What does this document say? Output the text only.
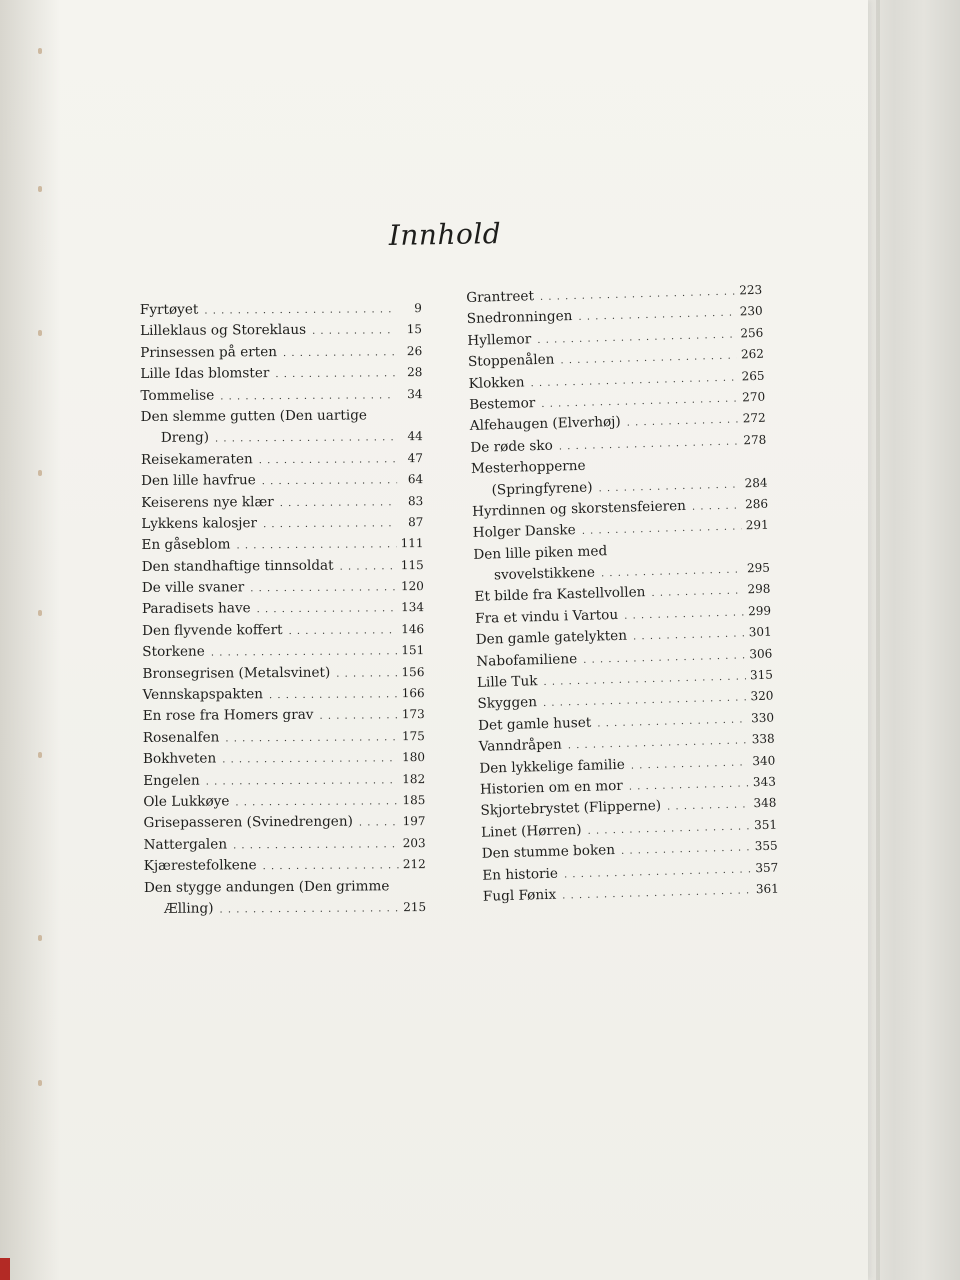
Innhold
Fyrtøyet . . .	9
Lilleklaus og Storeklaus . . .	15
Prinsessen på erten . . .	26
Lille Idas blomster . . .	28
Tommelise . . .	34
Den slemme gutten (Den uartige
Dreng) . . .	44
Reisekameraten . . .	47
Den lille havfrue . . .	64
Keiserens nye klær . . .	83
Lykkens kalosjer . . .	87
En gåseblom . . .	111
Den standhaftige tinnsoldat . . .	115
De ville svaner . . .	120
Paradisets have . . .	134
Den flyvende koffert . . .	146
Storkene . . .	151
Bronsegrisen (Metalsvinet) . . .	156
Vennskapspakten . . .	166
En rose fra Homers grav . . .	173
Rosenalfen . . .	175
Bokhveten . . .	180
Engelen . . .	182
Ole Lukkøye . . .	185
Grisepasseren (Svinedrengen) . . .	197
Nattergalen . . .	203
Kjærestefolkene . . .	212
Den stygge andungen (Den grimme
Ælling) . . .	215
Grantreet . . .	223
Snedronningen . . .	230
Hyllemor . . .	256
Stoppenålen . . .	262
Klokken . . .	265
Bestemor . . .	270
Alfehaugen (Elverhøj) . . .	272
De røde sko . . .	278
Mesterhopperne
(Springfyrene) . . .	284
Hyrdinnen og skorstensfeieren . . .	286
Holger Danske . . .	291
Den lille piken med
svovelstikkene . . .	295
Et bilde fra Kastellvollen . . .	298
Fra et vindu i Vartou . . .	299
Den gamle gatelykten . . .	301
Nabofamiliene . . .	306
Lille Tuk . . .	315
Skyggen . . .	320
Det gamle huset . . .	330
Vanndråpen . . .	338
Den lykkelige familie . . .	340
Historien om en mor . . .	343
Skjortebrystet (Flipperne) . . .	348
Linet (Hørren) . . .	351
Den stumme boken . . .	355
En historie . . .	357
Fugl Fønix . . .	361
